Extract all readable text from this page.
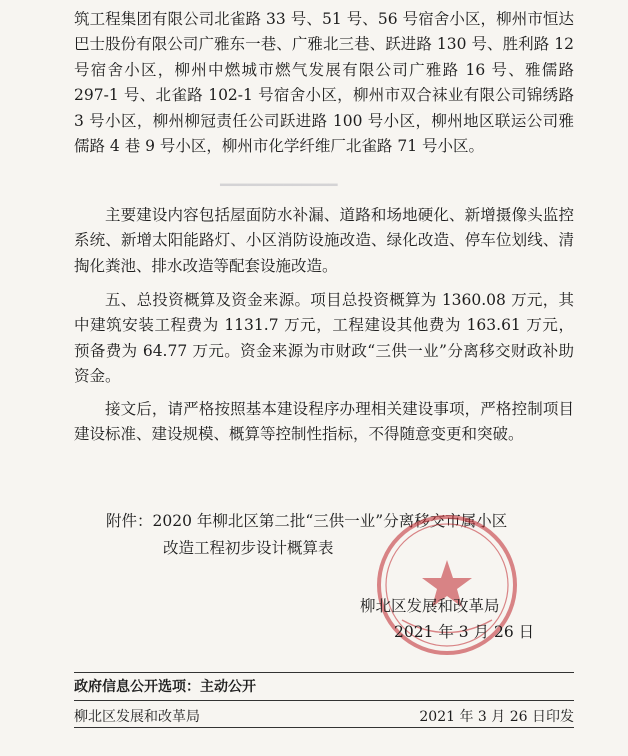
━━━━━━━━━━━━━

筑工程集团有限公司北雀路 33 号、51 号、56 号宿舍小区，柳州市恒达巴士股份有限公司广雅东一巷、广雅北三巷、跃进路 130 号、胜利路 12 号宿舍小区，柳州中燃城市燃气发展有限公司广雅路 16 号、雅儒路 297-1 号、北雀路 102-1 号宿舍小区，柳州市双合袜业有限公司锦绣路 3 号小区，柳州柳冠责任公司跃进路 100 号小区，柳州地区联运公司雅儒路 4 巷 9 号小区，柳州市化学纤维厂北雀路 71 号小区。

主要建设内容包括屋面防水补漏、道路和场地硬化、新增摄像头监控系统、新增太阳能路灯、小区消防设施改造、绿化改造、停车位划线、清掏化粪池、排水改造等配套设施改造。

五、总投资概算及资金来源。项目总投资概算为 1360.08 万元，其中建筑安装工程费为 1131.7 万元，工程建设其他费为 163.61 万元，预备费为 64.77 万元。资金来源为市财政“三供一业”分离移交财政补助资金。

接文后，请严格按照基本建设程序办理相关建设事项，严格控制项目建设标准、建设规模、概算等控制性指标，不得随意变更和突破。

附件：2020 年柳北区第二批“三供一业”分离移交市属小区
改造工程初步设计概算表
柳北区发展和改革局
2021 年 3 月 26 日
政府信息公开选项：主动公开
柳北区发展和改革局	2021 年 3 月 26 日印发
